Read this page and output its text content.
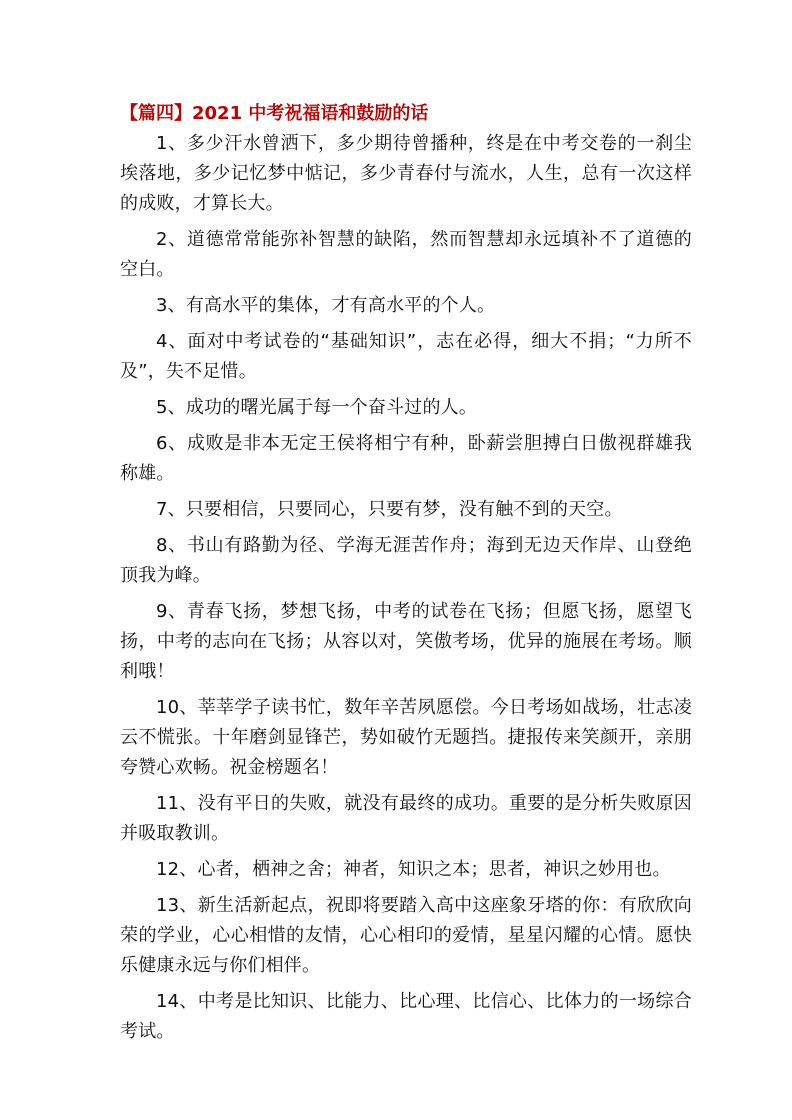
【篇四】2021 中考祝福语和鼓励的话

1、多少汗水曾洒下，多少期待曾播种，终是在中考交卷的一刹尘埃落地，多少记忆梦中惦记，多少青春付与流水，人生，总有一次这样的成败，才算长大。

2、道德常常能弥补智慧的缺陷，然而智慧却永远填补不了道德的空白。

3、有高水平的集体，才有高水平的个人。

4、面对中考试卷的“基础知识”，志在必得，细大不捐；“力所不及”，失不足惜。

5、成功的曙光属于每一个奋斗过的人。

6、成败是非本无定王侯将相宁有种，卧薪尝胆搏白日傲视群雄我称雄。

7、只要相信，只要同心，只要有梦，没有触不到的天空。

8、书山有路勤为径、学海无涯苦作舟；海到无边天作岸、山登绝顶我为峰。

9、青春飞扬，梦想飞扬，中考的试卷在飞扬；但愿飞扬，愿望飞扬，中考的志向在飞扬；从容以对，笑傲考场，优异的施展在考场。顺利哦！

10、莘莘学子读书忙，数年辛苦夙愿偿。今日考场如战场，壮志凌云不慌张。十年磨剑显锋芒，势如破竹无题挡。捷报传来笑颜开，亲朋夸赞心欢畅。祝金榜题名！

11、没有平日的失败，就没有最终的成功。重要的是分析失败原因并吸取教训。

12、心者，栖神之舍；神者，知识之本；思者，神识之妙用也。

13、新生活新起点，祝即将要踏入高中这座象牙塔的你：有欣欣向荣的学业，心心相惜的友情，心心相印的爱情，星星闪耀的心情。愿快乐健康永远与你们相伴。

14、中考是比知识、比能力、比心理、比信心、比体力的一场综合考试。
